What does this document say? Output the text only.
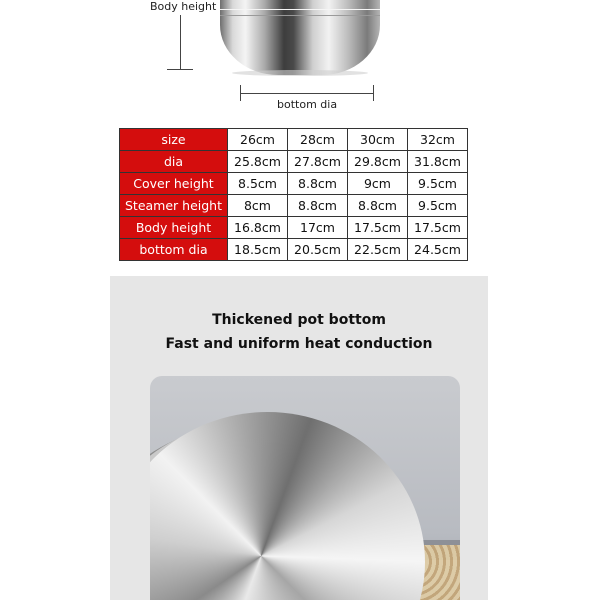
Body height
bottom dia
size	26cm	28cm	30cm	32cm
dia	25.8cm	27.8cm	29.8cm	31.8cm
Cover height	8.5cm	8.8cm	9cm	9.5cm
Steamer height	8cm	8.8cm	8.8cm	9.5cm
Body height	16.8cm	17cm	17.5cm	17.5cm
bottom dia	18.5cm	20.5cm	22.5cm	24.5cm
Thickened pot bottom
Fast and uniform heat conduction
